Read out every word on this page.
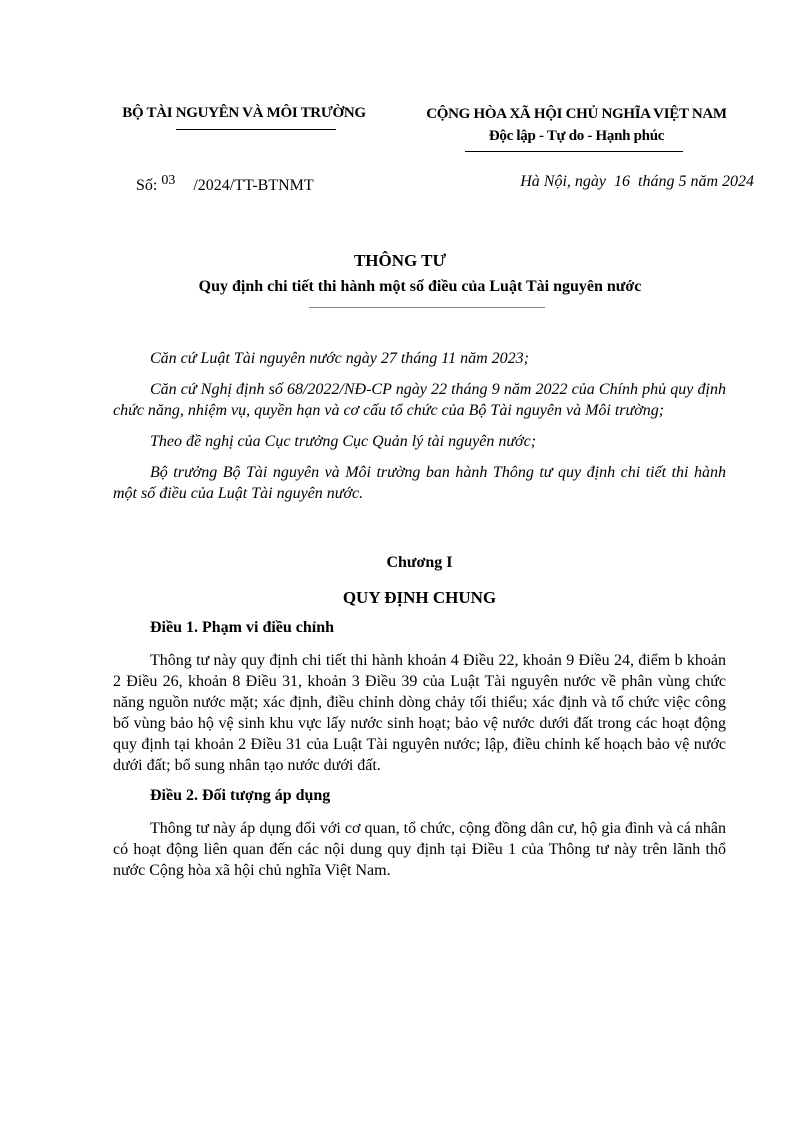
BỘ TÀI NGUYÊN VÀ MÔI TRƯỜNG	CỘNG HÒA XÃ HỘI CHỦ NGHĨA VIỆT NAM
Độc lập - Tự do - Hạnh phúc
Số: $^{03}$ /2024/TT-BTNMT	Hà Nội, ngày  16  tháng 5 năm 2024
THÔNG TƯ
Quy định chi tiết thi hành một số điều của Luật Tài nguyên nước

Căn cứ Luật Tài nguyên nước ngày 27 tháng 11 năm 2023;

Căn cứ Nghị định số 68/2022/NĐ-CP ngày 22 tháng 9 năm 2022 của Chính phủ quy định chức năng, nhiệm vụ, quyền hạn và cơ cấu tổ chức của Bộ Tài nguyên và Môi trường;

Theo đề nghị của Cục trưởng Cục Quản lý tài nguyên nước;

Bộ trưởng Bộ Tài nguyên và Môi trường ban hành Thông tư quy định chi tiết thi hành một số điều của Luật Tài nguyên nước.

Chương I

QUY ĐỊNH CHUNG

Điều 1. Phạm vi điều chỉnh

Thông tư này quy định chi tiết thi hành khoản 4 Điều 22, khoản 9 Điều 24, điểm b khoản 2 Điều 26, khoản 8 Điều 31, khoản 3 Điều 39 của Luật Tài nguyên nước về phân vùng chức năng nguồn nước mặt; xác định, điều chỉnh dòng chảy tối thiểu; xác định và tổ chức việc công bố vùng bảo hộ vệ sinh khu vực lấy nước sinh hoạt; bảo vệ nước dưới đất trong các hoạt động quy định tại khoản 2 Điều 31 của Luật Tài nguyên nước; lập, điều chỉnh kế hoạch bảo vệ nước dưới đất; bổ sung nhân tạo nước dưới đất.

Điều 2. Đối tượng áp dụng

Thông tư này áp dụng đối với cơ quan, tổ chức, cộng đồng dân cư, hộ gia đình và cá nhân có hoạt động liên quan đến các nội dung quy định tại Điều 1 của Thông tư này trên lãnh thổ nước Cộng hòa xã hội chủ nghĩa Việt Nam.
